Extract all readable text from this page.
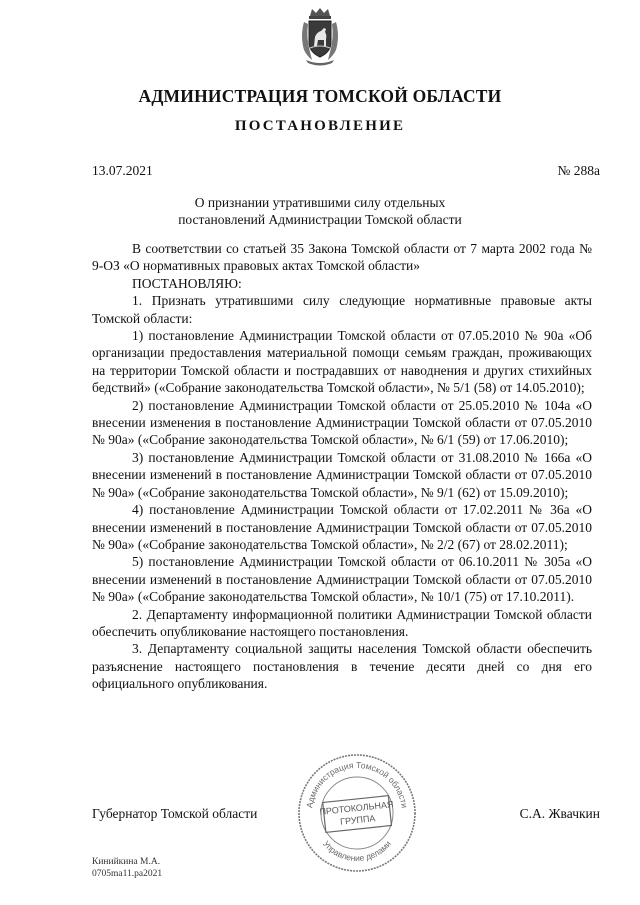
АДМИНИСТРАЦИЯ ТОМСКОЙ ОБЛАСТИ
ПОСТАНОВЛЕНИЕ
13.07.2021	№ 288а
О признании утратившими силу отдельных
постановлений Администрации Томской области

В соответствии со статьей 35 Закона Томской области от 7 марта 2002 года № 9-ОЗ «О нормативных правовых актах Томской области»

ПОСТАНОВЛЯЮ:

1. Признать утратившими силу следующие нормативные правовые акты Томской области:

1) постановление Администрации Томской области от 07.05.2010 № 90а «Об организации предоставления материальной помощи семьям граждан, проживающих на территории Томской области и пострадавших от наводнения и других стихийных бедствий» («Собрание законодательства Томской области», № 5/1 (58) от 14.05.2010);

2) постановление Администрации Томской области от 25.05.2010 № 104а «О внесении изменения в постановление Администрации Томской области от 07.05.2010 № 90а» («Собрание законодательства Томской области», № 6/1 (59) от 17.06.2010);

3) постановление Администрации Томской области от 31.08.2010 № 166а «О внесении изменений в постановление Администрации Томской области от 07.05.2010 № 90а» («Собрание законодательства Томской области», № 9/1 (62) от 15.09.2010);

4) постановление Администрации Томской области от 17.02.2011 № 36а «О внесении изменений в постановление Администрации Томской области от 07.05.2010 № 90а» («Собрание законодательства Томской области», № 2/2 (67) от 28.02.2011);

5) постановление Администрации Томской области от 06.10.2011 № 305а «О внесении изменений в постановление Администрации Томской области от 07.05.2010 № 90а» («Собрание законодательства Томской области», № 10/1 (75) от 17.10.2011).

2. Департаменту информационной политики Администрации Томской области обеспечить опубликование настоящего постановления.

3. Департаменту социальной защиты населения Томской области обеспечить разъяснение настоящего постановления в течение десяти дней со дня его официального опубликования.

Администрация Томской области
Управление делами
ПРОТОКОЛЬНАЯ
ГРУППА
Губернатор Томской области	С.А. Жвачкин
Кинийкина М.А.
0705ma11.pa2021
